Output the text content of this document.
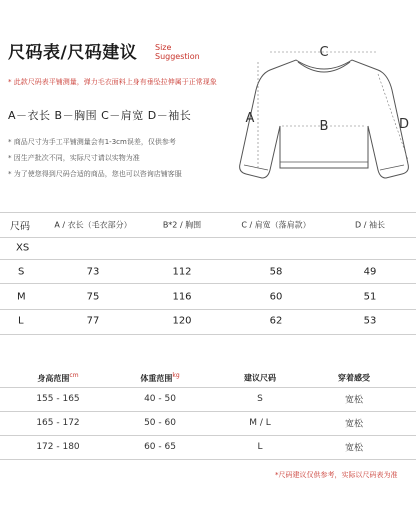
尺码表/尺码建议 Size
Suggestion
* 此款尺码表平铺测量，弹力毛衣面料上身有垂坠拉伸属于正常现象
A－衣长 B－胸围 C－肩宽 D－袖长
* 商品尺寸为手工平铺测量会有1-3cm误差，仅供参考
* 因生产批次不同，实际尺寸请以实物为准
* 为了使您得到尺码合适的商品，您也可以咨询店铺客服
C
A
B	D
尺码	A / 衣长（毛衣部分）	B*2 / 胸围	C / 肩宽（落肩款）	D / 袖长
XS
S	73	112	58	49
M	75	116	60	51
L	77	120	62	53
身高范围$^{cm}$	体重范围$^{kg}$	建议尺码	穿着感受
155 - 165	40 - 50	S	宽松
165 - 172	50 - 60	M / L	宽松
172 - 180	60 - 65	L	宽松
*尺码建议仅供参考，实际以尺码表为准
